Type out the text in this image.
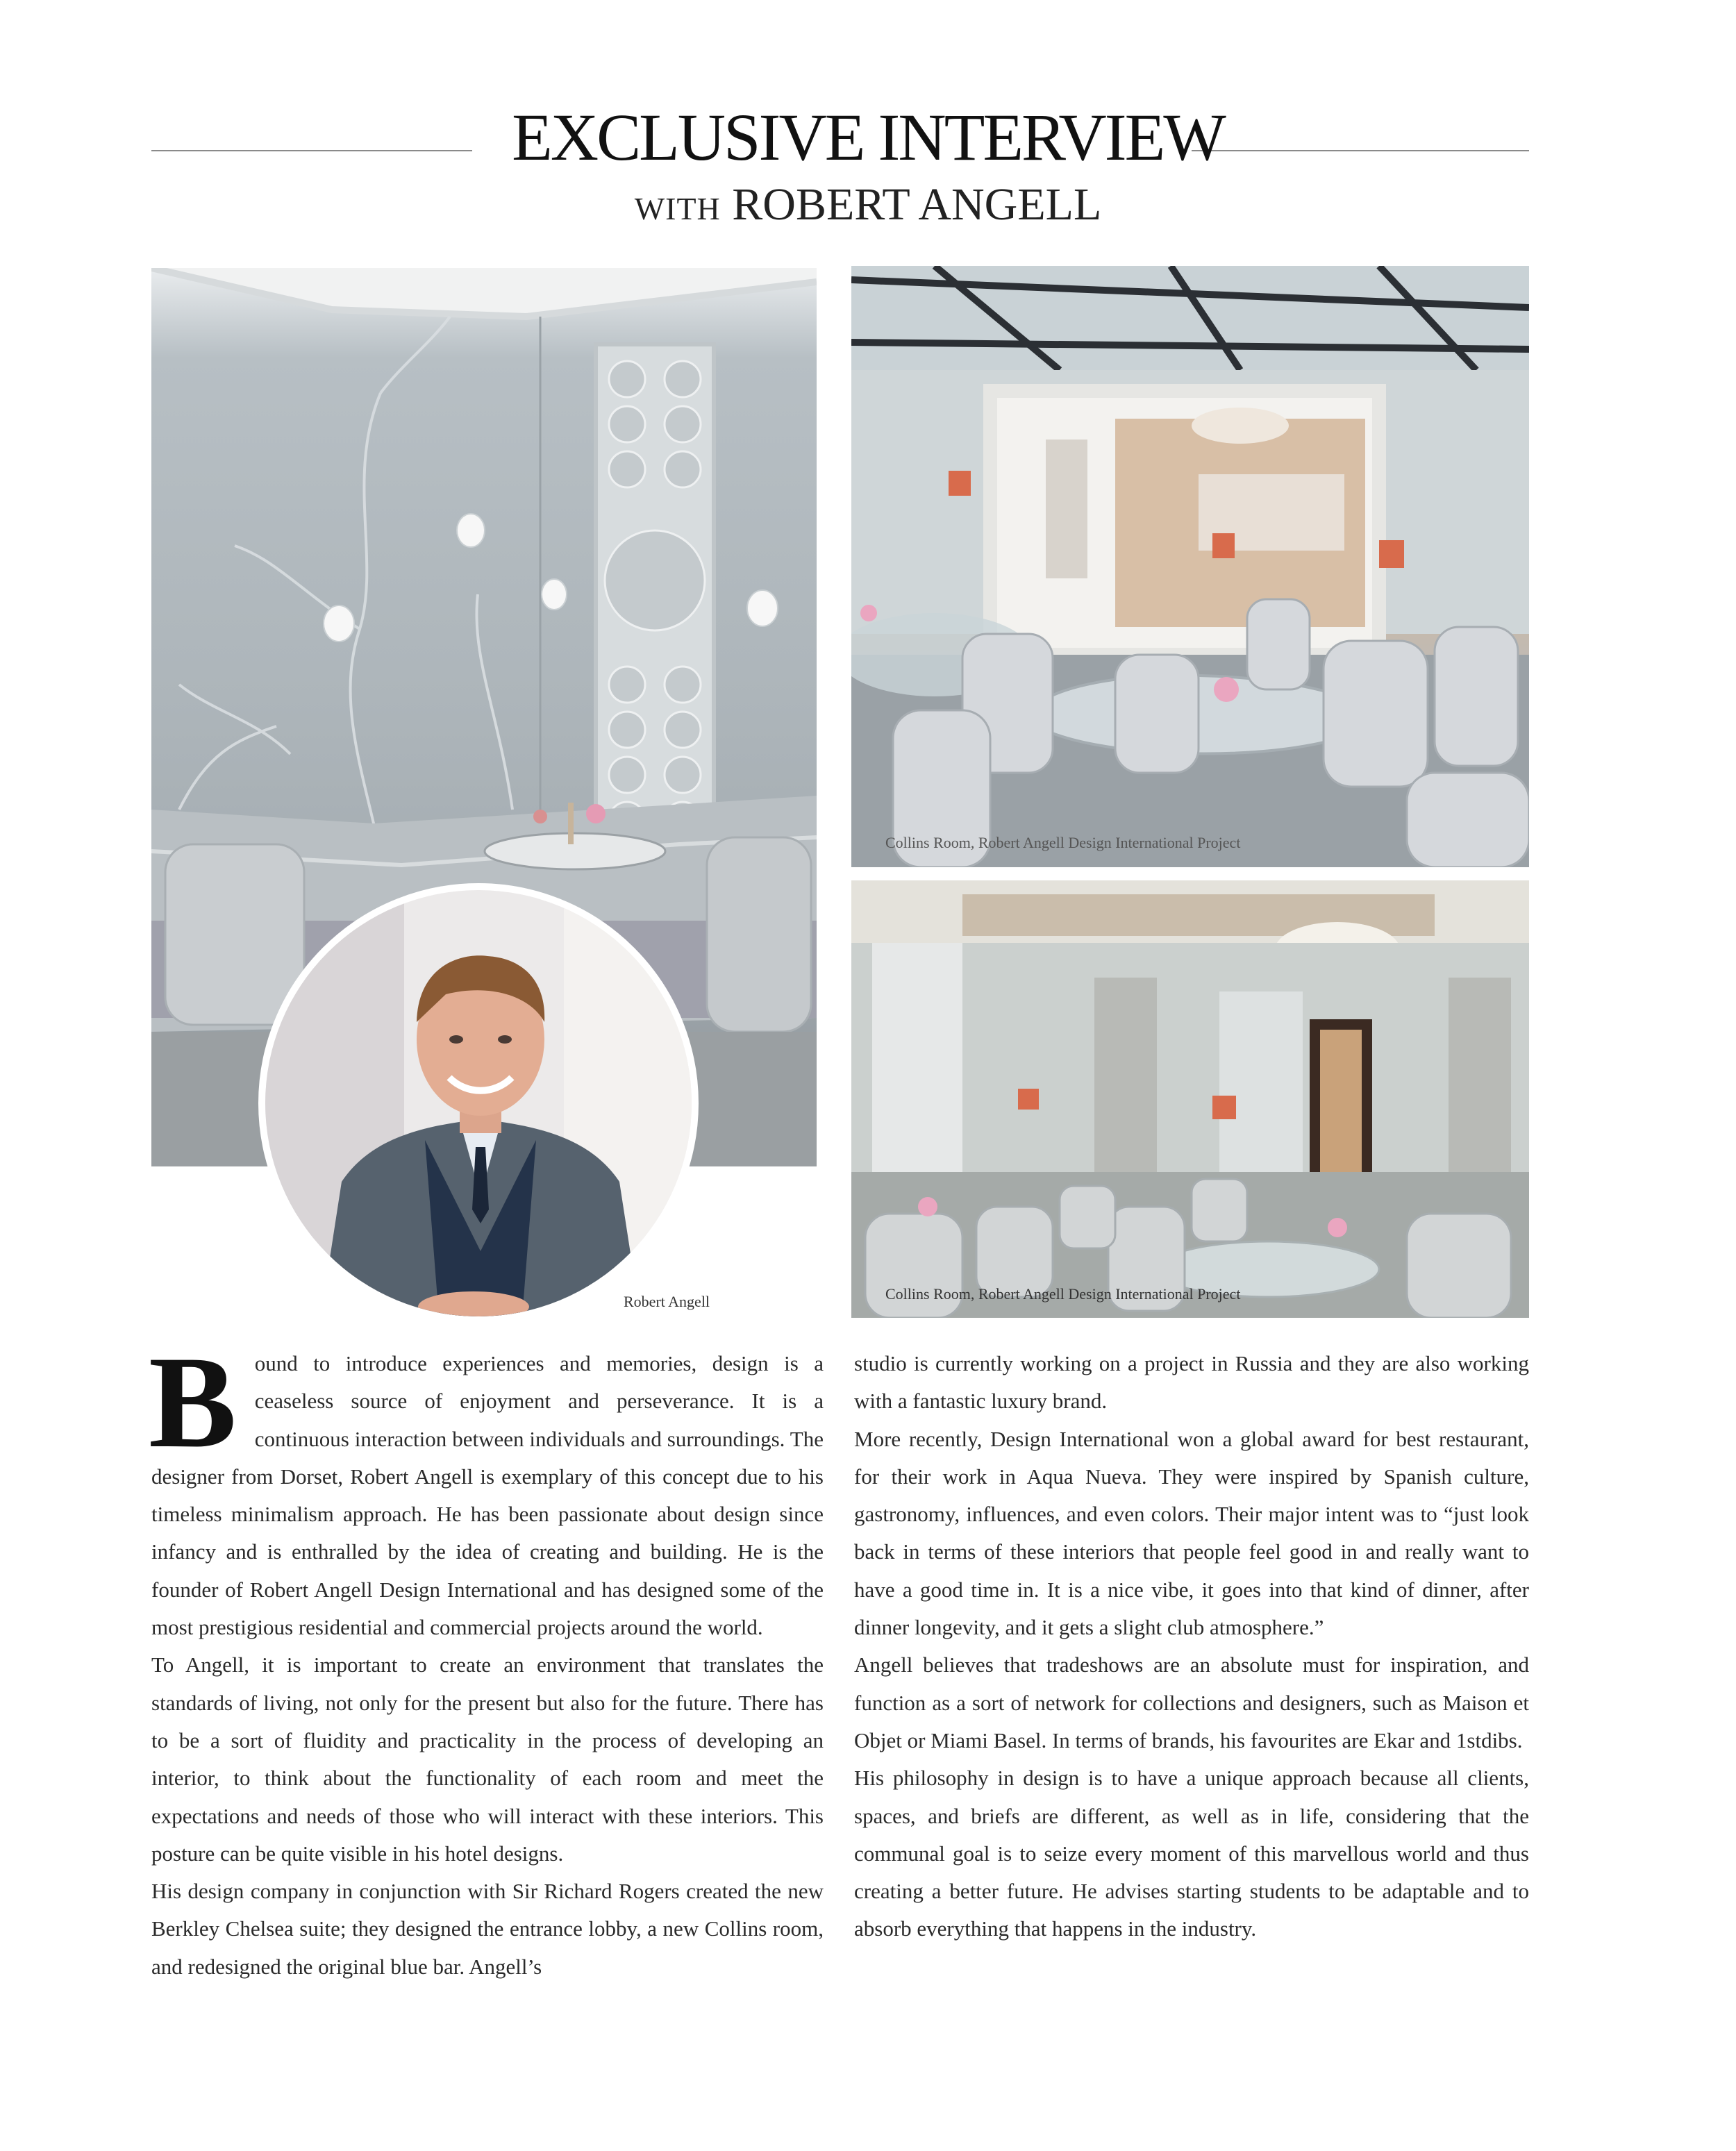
EXCLUSIVE INTERVIEW
WITH ROBERT ANGELL
Robert Angell
Collins Room, Robert Angell Design International Project
Collins Room, Robert Angell Design International Project

Bound to introduce experiences and memories, design is a ceaseless source of enjoyment and perseverance. It is a continuous interaction between individuals and surroundings. The designer from Dorset, Robert Angell is exemplary of this concept due to his timeless minimalism approach. He has been passionate about design since infancy and is enthralled by the idea of creating and building. He is the founder of Robert Angell Design International and has designed some of the most prestigious residential and commercial projects around the world.

To Angell, it is important to create an environment that translates the standards of living, not only for the present but also for the future. There has to be a sort of fluidity and practicality in the process of developing an interior, to think about the functionality of each room and meet the expectations and needs of those who will interact with these interiors. This posture can be quite visible in his hotel designs.

His design company in conjunction with Sir Richard Rogers created the new Berkley Chelsea suite; they designed the entrance lobby, a new Collins room, and redesigned the original blue bar. Angell’s

studio is currently working on a project in Russia and they are also working with a fantastic luxury brand.

More recently, Design International won a global award for best restaurant, for their work in Aqua Nueva. They were inspired by Spanish culture, gastronomy, influences, and even colors. Their major intent was to “just look back in terms of these interiors that people feel good in and really want to have a good time in. It is a nice vibe, it goes into that kind of dinner, after dinner longevity, and it gets a slight club atmosphere.”

Angell believes that tradeshows are an absolute must for inspiration, and function as a sort of network for collections and designers, such as Maison et Objet or Miami Basel. In terms of brands, his favourites are Ekar and 1stdibs.

His philosophy in design is to have a unique approach because all clients, spaces, and briefs are different, as well as in life, considering that the communal goal is to seize every moment of this marvellous world and thus creating a better future. He advises starting students to be adaptable and to absorb everything that happens in the industry.
